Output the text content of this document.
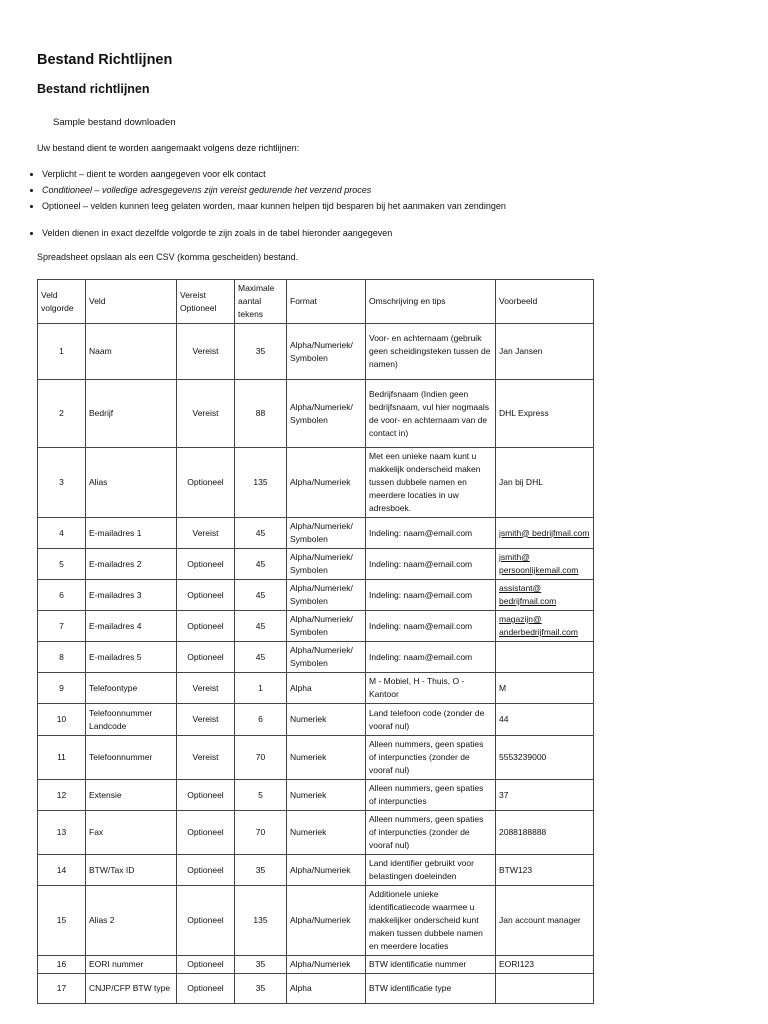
Bestand Richtlijnen
Bestand richtlijnen
Sample bestand downloaden
Uw bestand dient te worden aangemaakt volgens deze richtlijnen:
• Verplicht – dient te worden aangegeven voor elk contact
• Conditioneel – volledige adresgegevens zijn vereist gedurende het verzend proces
• Optioneel – velden kunnen leeg gelaten worden, maar kunnen helpen tijd besparen bij het aanmaken van zendingen
• Velden dienen in exact dezelfde volgorde te zijn zoals in de tabel hieronder aangegeven
Spreadsheet opslaan als een CSV (komma gescheiden) bestand.
Veld volgorde	Veld	Vereist Optioneel	Maximale aantal tekens	Format	Omschrijving en tips	Voorbeeld
1	Naam	Vereist	35	Alpha/Numeriek/ Symbolen	Voor- en achternaam (gebruik geen scheidingsteken tussen de namen)	Jan Jansen
2	Bedrijf	Vereist	88	Alpha/Numeriek/ Symbolen	Bedrijfsnaam (Indien geen bedrijfsnaam, vul hier nogmaals de voor- en achternaam van de contact in)	DHL Express
3	Alias	Optioneel	135	Alpha/Numeriek	Met een unieke naam kunt u makkelijk onderscheid maken tussen dubbele namen en meerdere locaties in uw adresboek.	Jan bij DHL
4	E-mailadres 1	Vereist	45	Alpha/Numeriek/ Symbolen	Indeling: naam@email.com	jsmith@ bedrijfmail.com
5	E-mailadres 2	Optioneel	45	Alpha/Numeriek/ Symbolen	Indeling: naam@email.com	jsmith@ persoonlijkemail.com
6	E-mailadres 3	Optioneel	45	Alpha/Numeriek/ Symbolen	Indeling: naam@email.com	assistant@ bedrijfmail.com
7	E-mailadres 4	Optioneel	45	Alpha/Numeriek/ Symbolen	Indeling: naam@email.com	magazijn@ anderbedrijfmail.com
8	E-mailadres 5	Optioneel	45	Alpha/Numeriek/ Symbolen	Indeling: naam@email.com	
9	Telefoontype	Vereist	1	Alpha	M - Mobiel, H - Thuis, O - Kantoor	M
10	Telefoonnummer Landcode	Vereist	6	Numeriek	Land telefoon code (zonder de vooraf nul)	44
11	Telefoonnummer	Vereist	70	Numeriek	Alleen nummers, geen spaties of interpuncties (zonder de vooraf nul)	5553239000
12	Extensie	Optioneel	5	Numeriek	Alleen nummers, geen spaties of interpuncties	37
13	Fax	Optioneel	70	Numeriek	Alleen nummers, geen spaties of interpuncties (zonder de vooraf nul)	2088188888
14	BTW/Tax ID	Optioneel	35	Alpha/Numeriek	Land identifier gebruikt voor belastingen doeleinden	BTW123
15	Alias 2	Optioneel	135	Alpha/Numeriek	Additionele unieke identificatiecode waarmee u makkelijker onderscheid kunt maken tussen dubbele namen en meerdere locaties	Jan account manager
16	EORI nummer	Optioneel	35	Alpha/Numeriek	BTW identificatie nummer	EORI123
17	CNJP/CFP BTW type	Optioneel	35	Alpha	BTW identificatie type	
